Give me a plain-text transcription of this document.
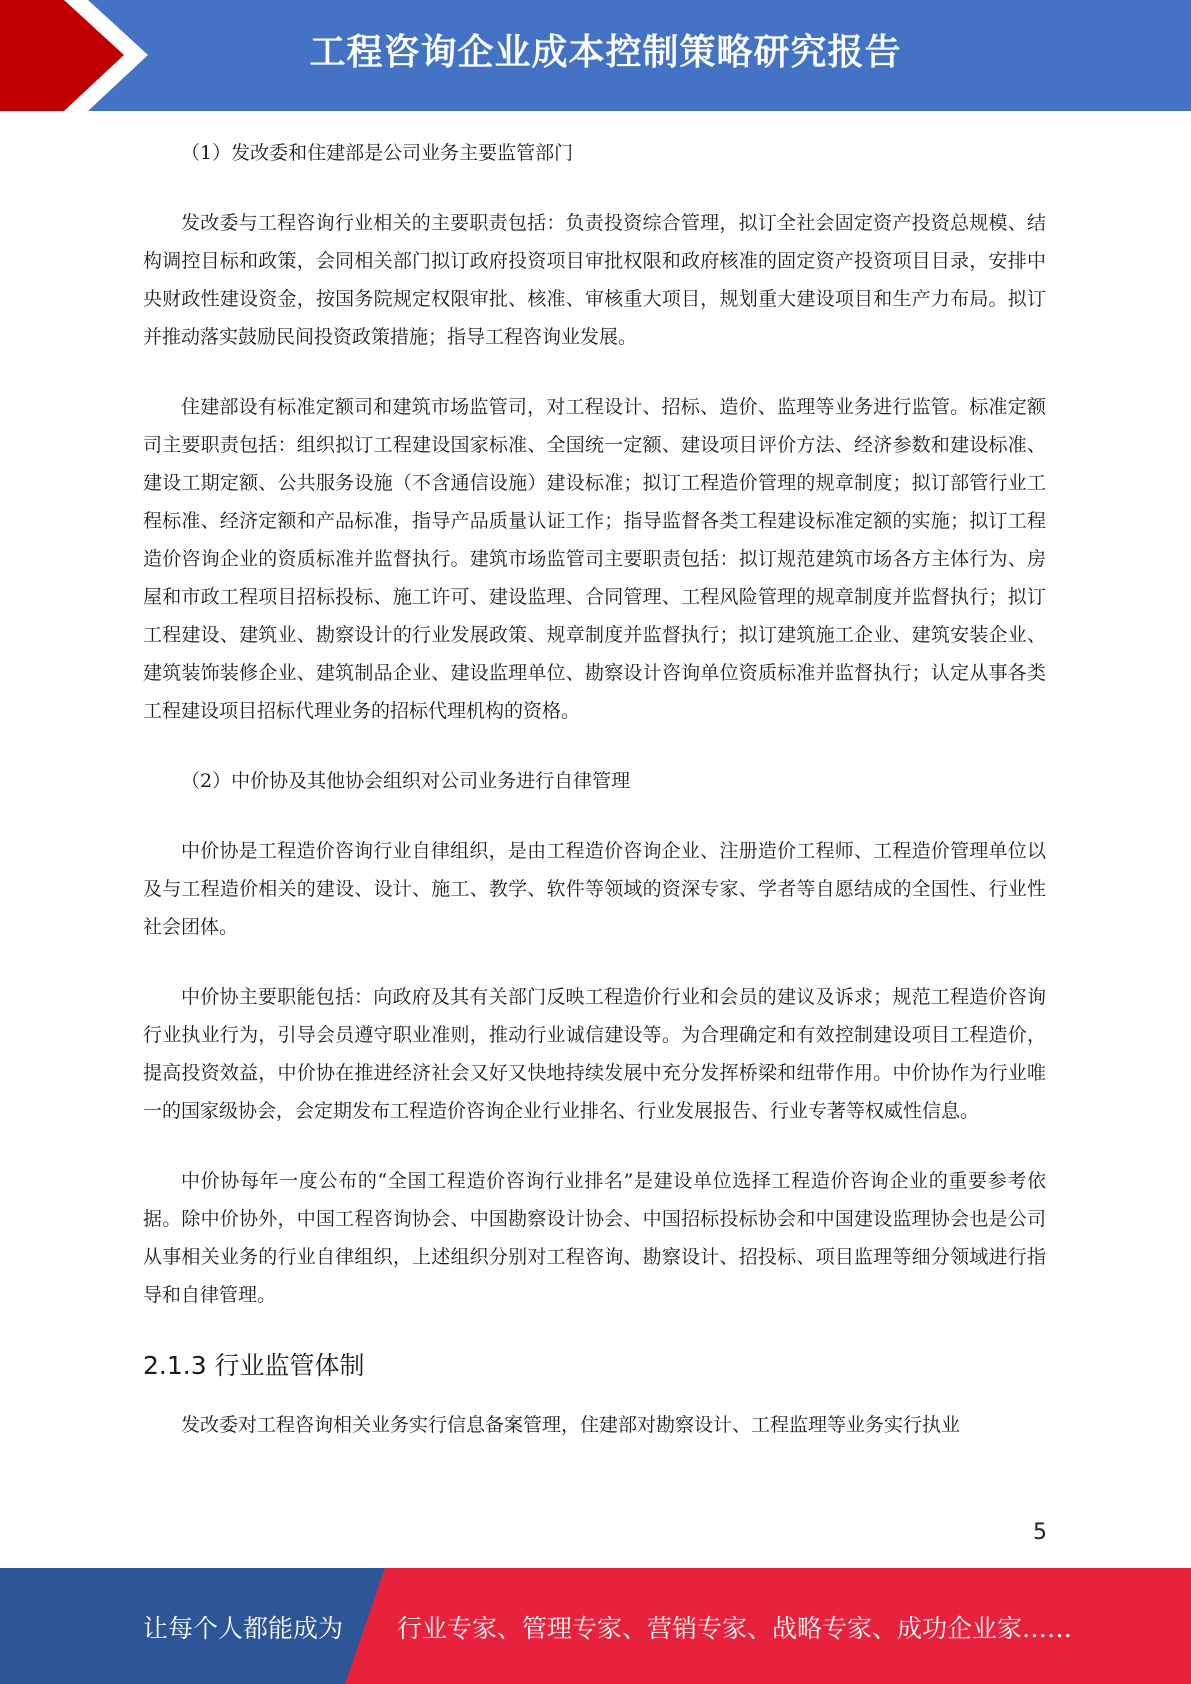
工程咨询企业成本控制策略研究报告

（1）发改委和住建部是公司业务主要监管部门

发改委与工程咨询行业相关的主要职责包括：负责投资综合管理，拟订全社会固定资产投资总规模、结构调控目标和政策，会同相关部门拟订政府投资项目审批权限和政府核准的固定资产投资项目目录，安排中央财政性建设资金，按国务院规定权限审批、核准、审核重大项目，规划重大建设项目和生产力布局。拟订并推动落实鼓励民间投资政策措施；指导工程咨询业发展。

住建部设有标准定额司和建筑市场监管司，对工程设计、招标、造价、监理等业务进行监管。标准定额司主要职责包括：组织拟订工程建设国家标准、全国统一定额、建设项目评价方法、经济参数和建设标准、建设工期定额、公共服务设施（不含通信设施）建设标准；拟订工程造价管理的规章制度；拟订部管行业工程标准、经济定额和产品标准，指导产品质量认证工作；指导监督各类工程建设标准定额的实施；拟订工程造价咨询企业的资质标准并监督执行。建筑市场监管司主要职责包括：拟订规范建筑市场各方主体行为、房屋和市政工程项目招标投标、施工许可、建设监理、合同管理、工程风险管理的规章制度并监督执行；拟订工程建设、建筑业、勘察设计的行业发展政策、规章制度并监督执行；拟订建筑施工企业、建筑安装企业、建筑装饰装修企业、建筑制品企业、建设监理单位、勘察设计咨询单位资质标准并监督执行；认定从事各类工程建设项目招标代理业务的招标代理机构的资格。

（2）中价协及其他协会组织对公司业务进行自律管理

中价协是工程造价咨询行业自律组织，是由工程造价咨询企业、注册造价工程师、工程造价管理单位以及与工程造价相关的建设、设计、施工、教学、软件等领域的资深专家、学者等自愿结成的全国性、行业性社会团体。

中价协主要职能包括：向政府及其有关部门反映工程造价行业和会员的建议及诉求；规范工程造价咨询行业执业行为，引导会员遵守职业准则，推动行业诚信建设等。为合理确定和有效控制建设项目工程造价，提高投资效益，中价协在推进经济社会又好又快地持续发展中充分发挥桥梁和纽带作用。中价协作为行业唯一的国家级协会，会定期发布工程造价咨询企业行业排名、行业发展报告、行业专著等权威性信息。

中价协每年一度公布的“全国工程造价咨询行业排名”是建设单位选择工程造价咨询企业的重要参考依据。除中价协外，中国工程咨询协会、中国勘察设计协会、中国招标投标协会和中国建设监理协会也是公司从事相关业务的行业自律组织，上述组织分别对工程咨询、勘察设计、招投标、项目监理等细分领域进行指导和自律管理。

2.1.3 行业监管体制

发改委对工程咨询相关业务实行信息备案管理，住建部对勘察设计、工程监理等业务实行执业

5
让每个人都能成为 行业专家、管理专家、营销专家、战略专家、成功企业家……
